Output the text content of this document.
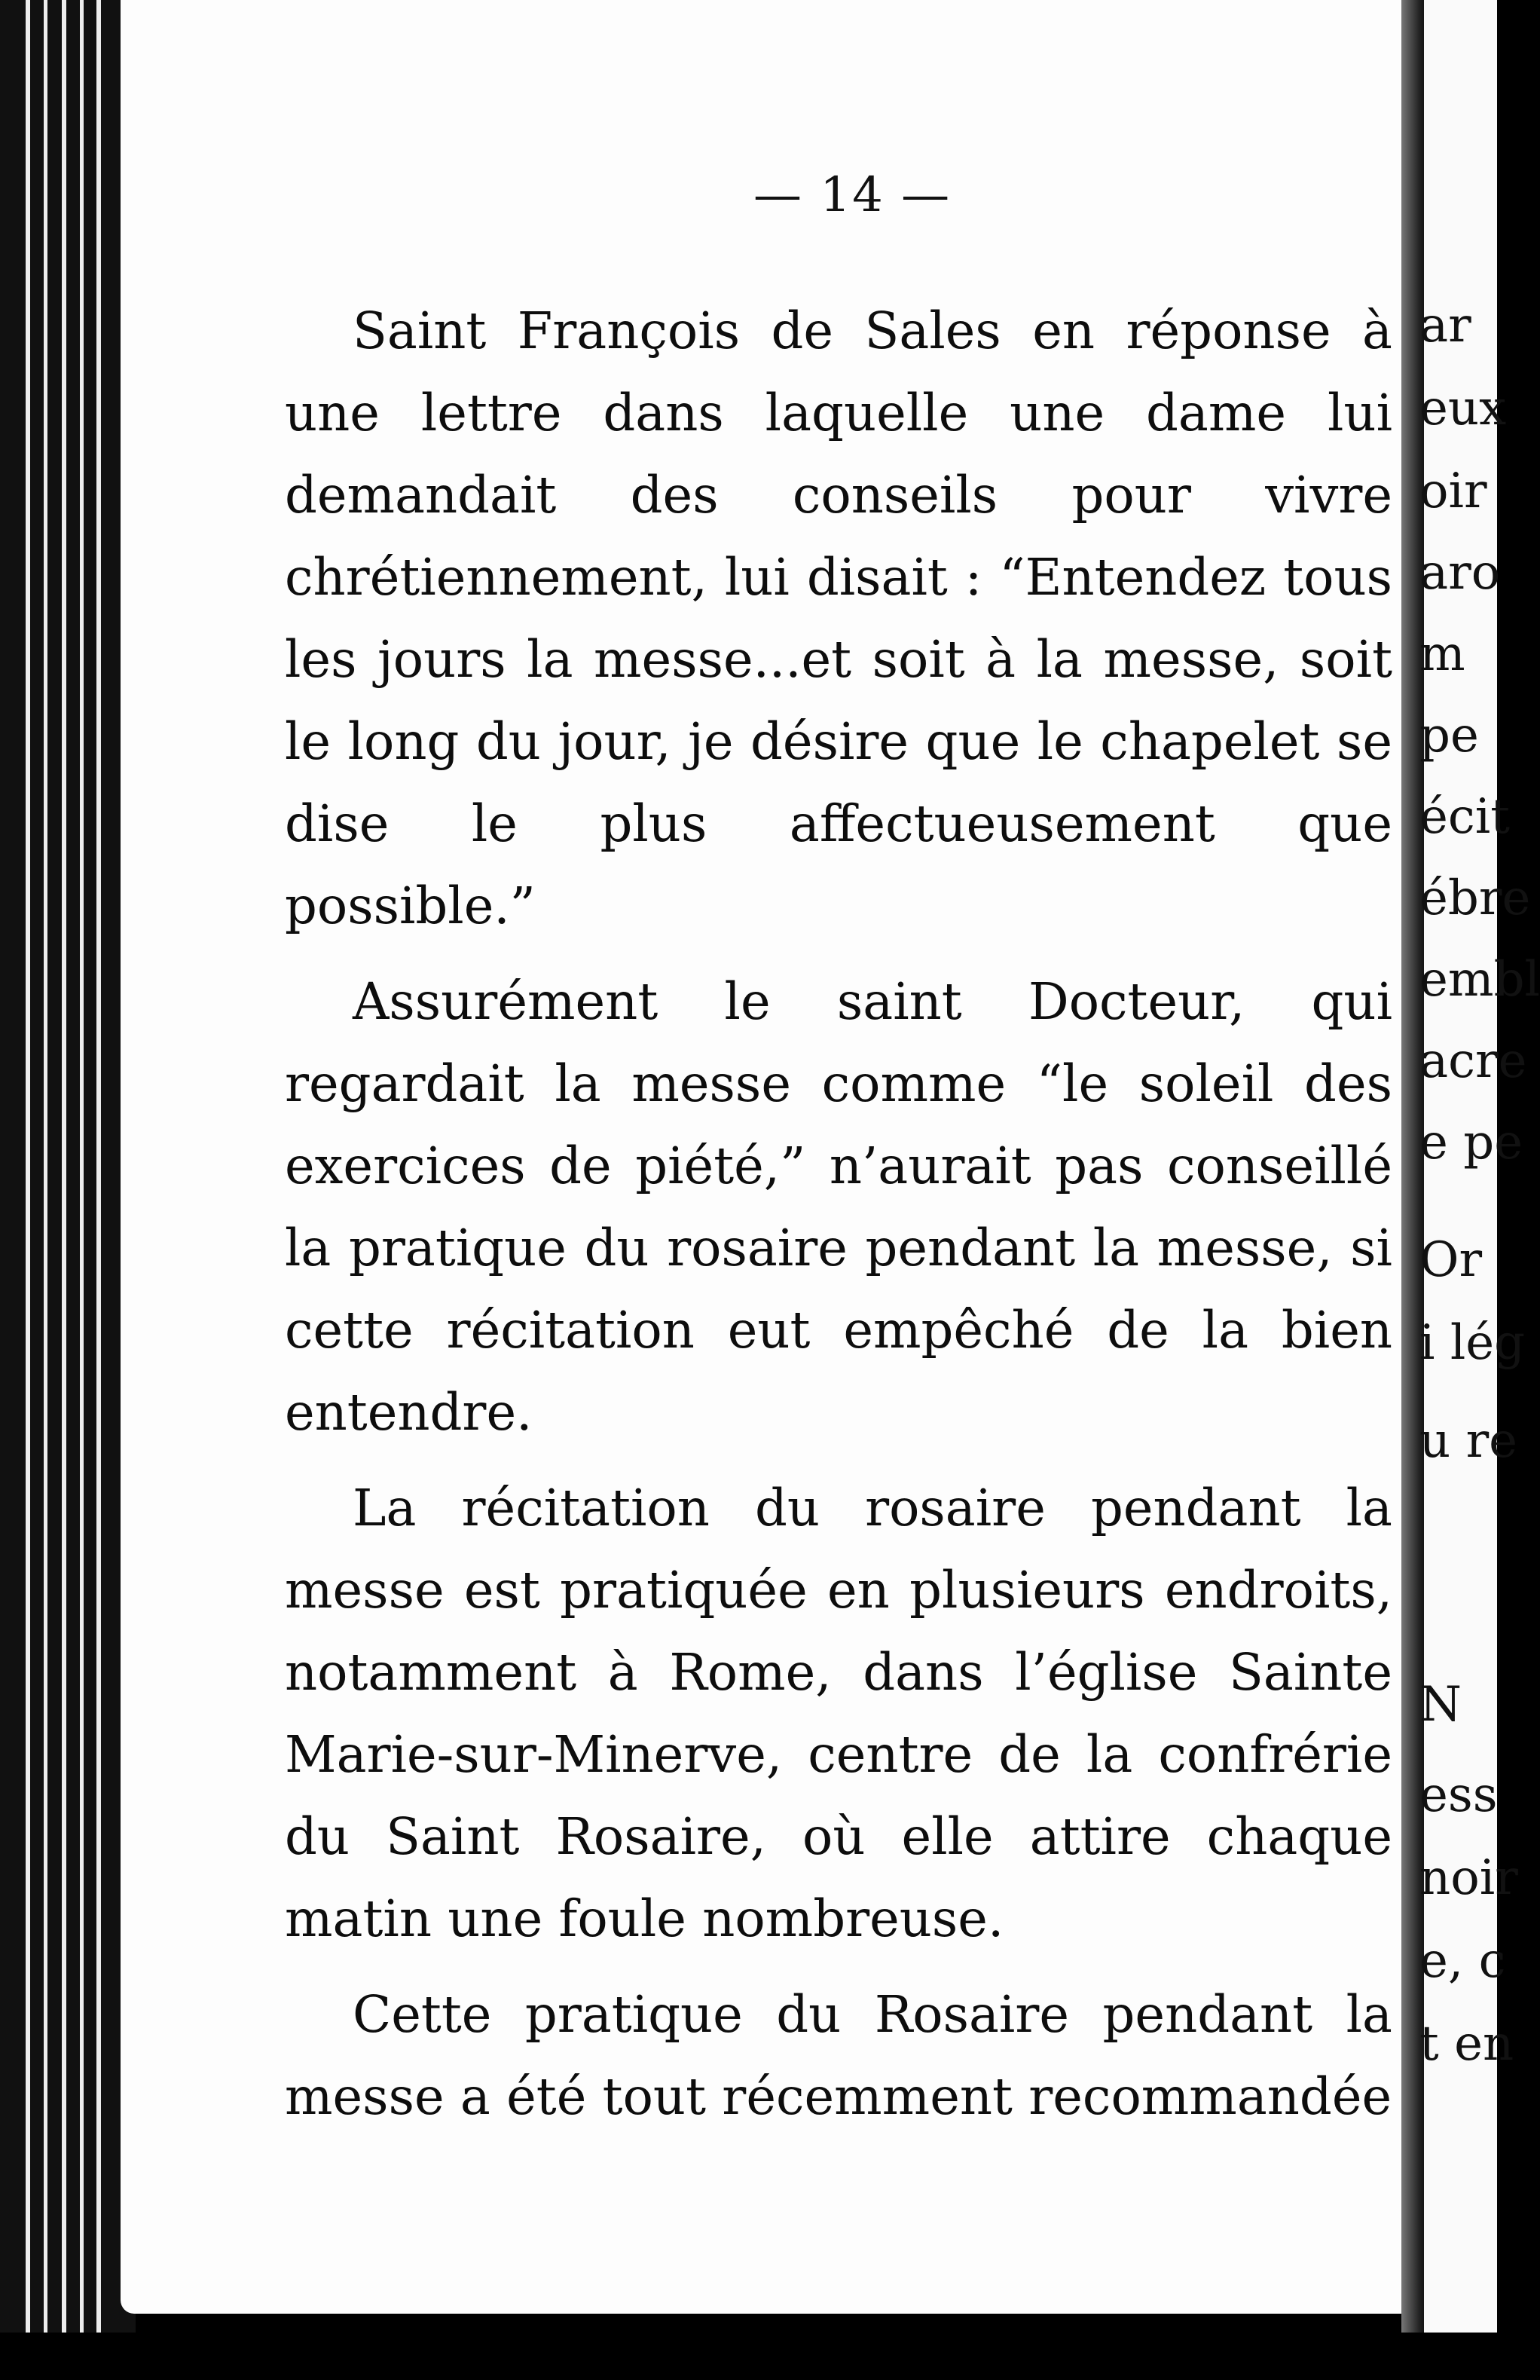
— 14 —

Saint François de Sales en réponse à une lettre dans laquelle une dame lui demandait des conseils pour vivre chrétiennement, lui disait : “Entendez tous les jours la messe...et soit à la messe, soit le long du jour, je désire que le chapelet se dise le plus affectueusement que possible.”

Assurément le saint Docteur, qui regardait la messe comme “le soleil des exercices de piété,” n’aurait pas conseillé la pratique du rosaire pendant la messe, si cette récitation eut empêché de la bien entendre.

La récitation du rosaire pendant la messe est pratiquée en plusieurs endroits, notamment à Rome, dans l’église Sainte Marie-sur-Minerve, centre de la confrérie du Saint Rosaire, où elle attire chaque matin une foule nombreuse.

Cette pratique du Rosaire pendant la messe a été tout récemment recommandée

ar
eux
oir
aro
m
pe
écit
ébre
embl
acre
e pe
Or
i lég
u re
N
ess
noir
e, c
t en
